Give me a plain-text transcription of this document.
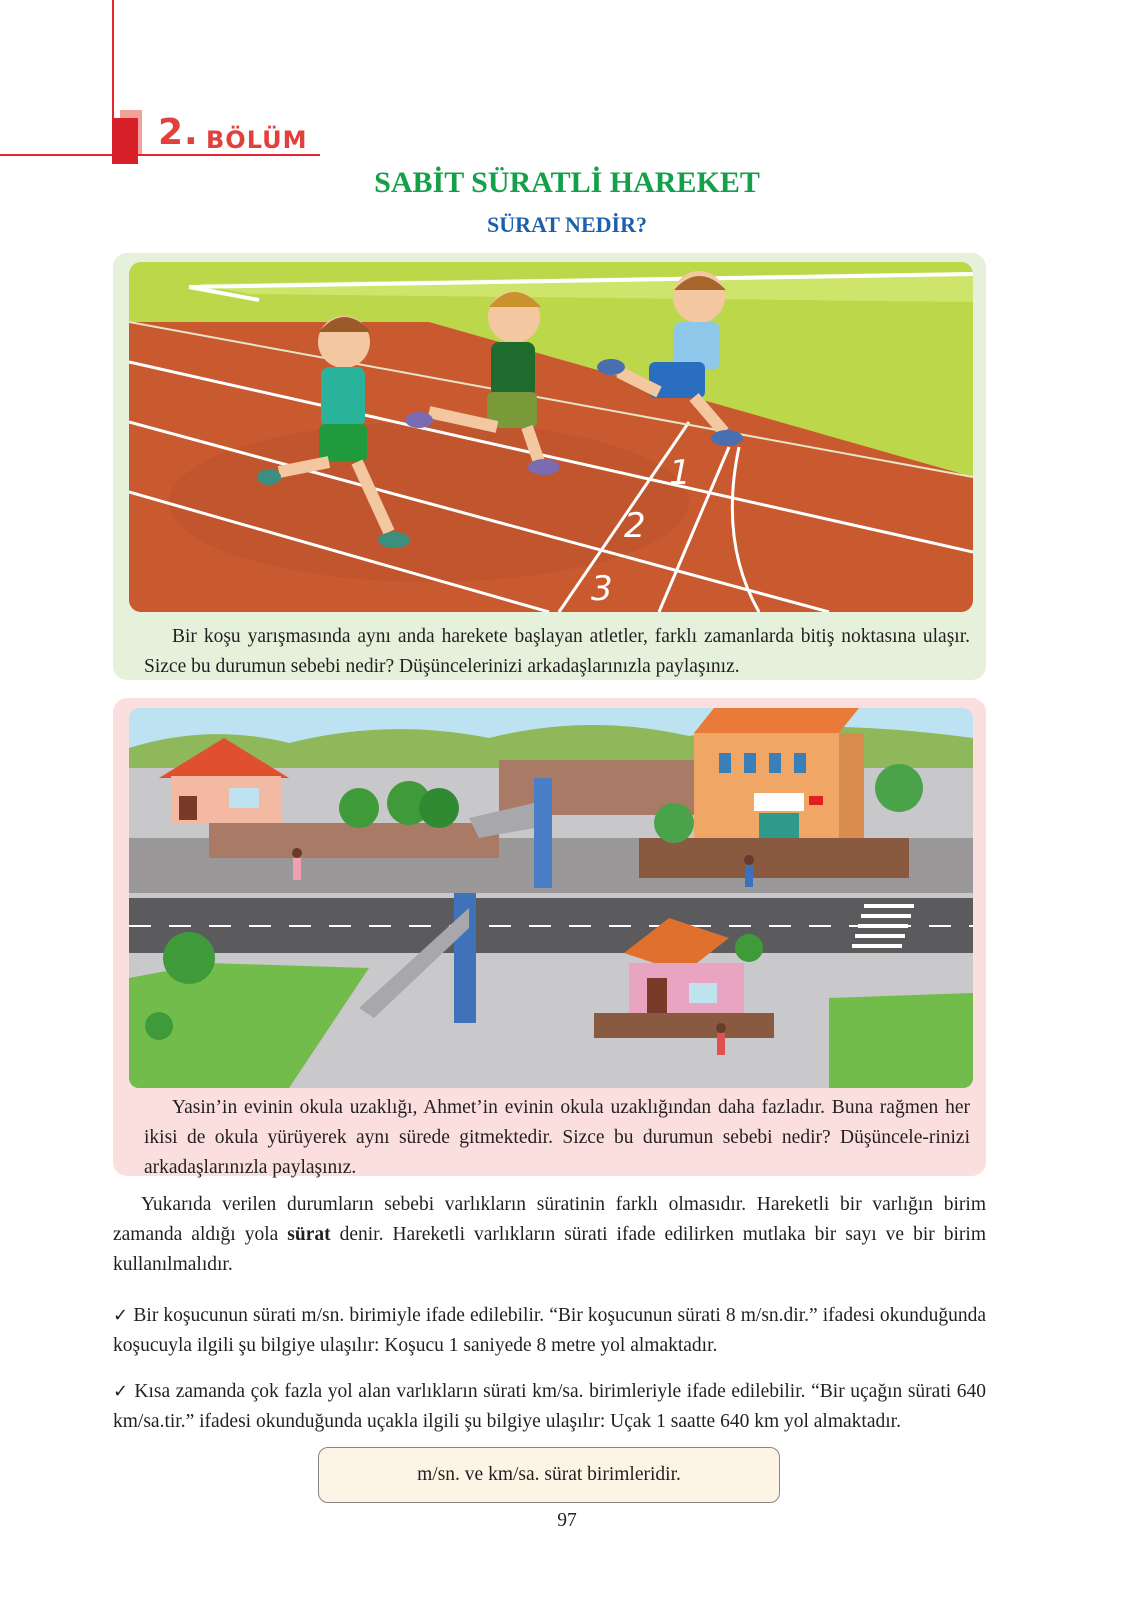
2. BÖLÜM
SABİT SÜRATLİ HAREKET
SÜRAT NEDİR?
1
2
3
Bir koşu yarışmasında aynı anda harekete başlayan atletler, farklı zamanlarda bitiş noktasına ulaşır. Sizce bu durumun sebebi nedir? Düşüncelerinizi arkadaşlarınızla paylaşınız.
Yasin’in evinin okula uzaklığı, Ahmet’in evinin okula uzaklığından daha fazladır. Buna rağmen her ikisi de okula yürüyerek aynı sürede gitmektedir. Sizce bu durumun sebebi nedir? Düşüncele-rinizi arkadaşlarınızla paylaşınız.
Yukarıda verilen durumların sebebi varlıkların süratinin farklı olmasıdır. Hareketli bir varlığın birim zamanda aldığı yola sürat denir. Hareketli varlıkların sürati ifade edilirken mutlaka bir sayı ve bir birim kullanılmalıdır.
✓ Bir koşucunun sürati m/sn. birimiyle ifade edilebilir. “Bir koşucunun sürati 8 m/sn.dir.” ifadesi okunduğunda koşucuyla ilgili şu bilgiye ulaşılır: Koşucu 1 saniyede 8 metre yol almaktadır.
✓ Kısa zamanda çok fazla yol alan varlıkların sürati km/sa. birimleriyle ifade edilebilir. “Bir uçağın sürati 640 km/sa.tir.” ifadesi okunduğunda uçakla ilgili şu bilgiye ulaşılır: Uçak 1 saatte 640 km yol almaktadır.
m/sn. ve km/sa. sürat birimleridir.
97
